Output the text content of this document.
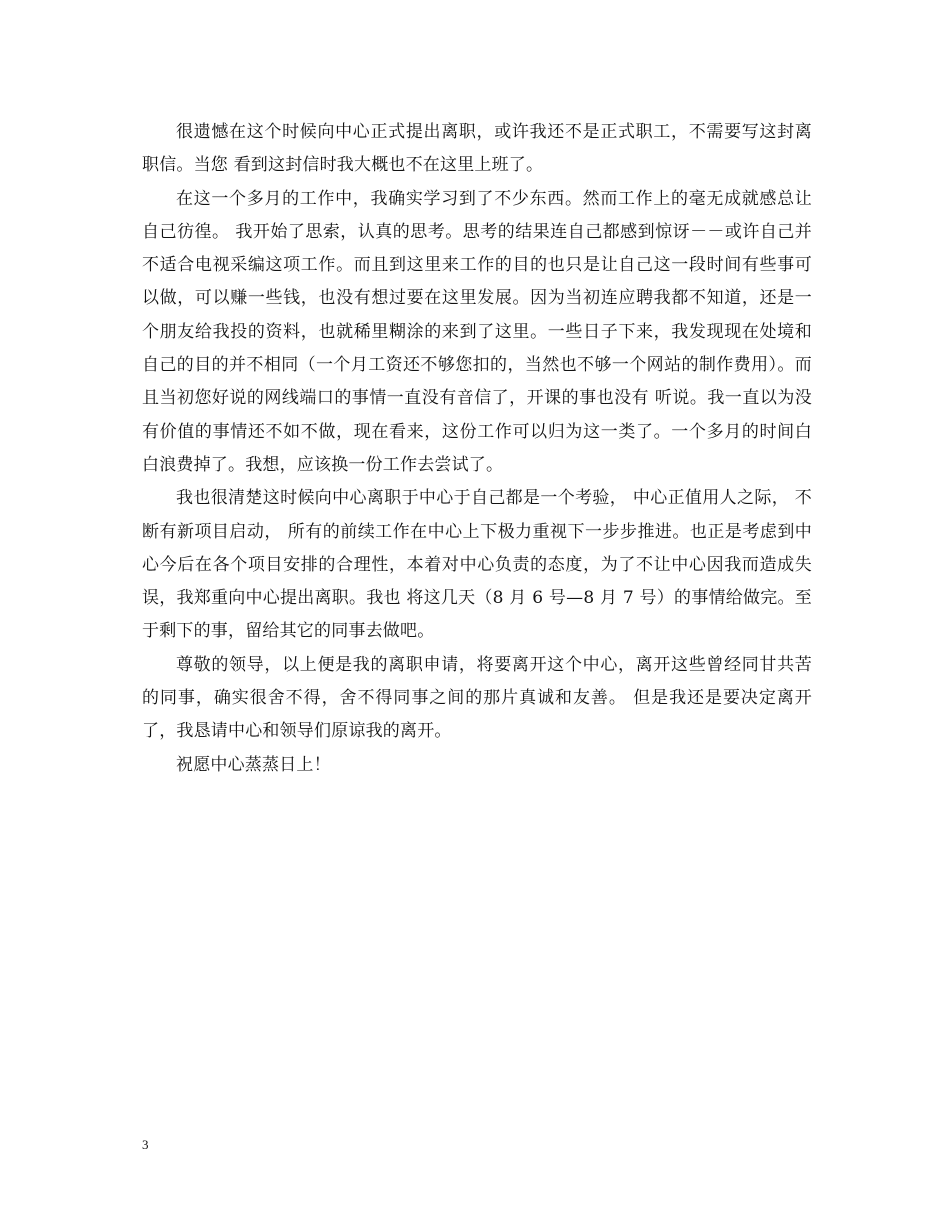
很遗憾在这个时候向中心正式提出离职，或许我还不是正式职工，不需要写这封离职信。当您 看到这封信时我大概也不在这里上班了。

在这一个多月的工作中，我确实学习到了不少东西。然而工作上的毫无成就感总让自己彷徨。 我开始了思索，认真的思考。思考的结果连自己都感到惊讶－－或许自己并不适合电视采编这项工作。而且到这里来工作的目的也只是让自己这一段时间有些事可以做，可以赚一些钱，也没有想过要在这里发展。因为当初连应聘我都不知道，还是一个朋友给我投的资料，也就稀里糊涂的来到了这里。一些日子下来，我发现现在处境和自己的目的并不相同（一个月工资还不够您扣的，当然也不够一个网站的制作费用）。而且当初您好说的网线端口的事情一直没有音信了，开课的事也没有 听说。我一直以为没有价值的事情还不如不做，现在看来，这份工作可以归为这一类了。一个多月的时间白白浪费掉了。我想，应该换一份工作去尝试了。

我也很清楚这时候向中心离职于中心于自己都是一个考验， 中心正值用人之际， 不断有新项目启动， 所有的前续工作在中心上下极力重视下一步步推进。也正是考虑到中心今后在各个项目安排的合理性，本着对中心负责的态度，为了不让中心因我而造成失误，我郑重向中心提出离职。我也 将这几天（8 月 6 号—8 月 7 号）的事情给做完。至于剩下的事，留给其它的同事去做吧。

尊敬的领导，以上便是我的离职申请，将要离开这个中心，离开这些曾经同甘共苦的同事，确实很舍不得，舍不得同事之间的那片真诚和友善。 但是我还是要决定离开了，我恳请中心和领导们原谅我的离开。

祝愿中心蒸蒸日上！

3
